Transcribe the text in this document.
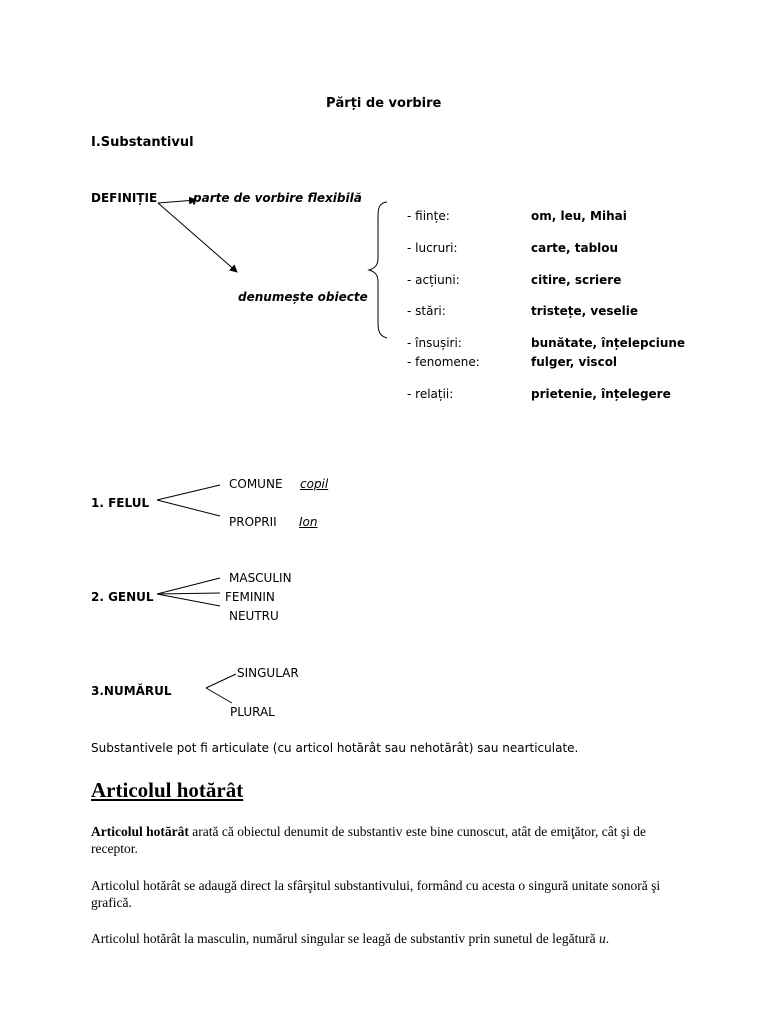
Părți de vorbire
I.Substantivul
DEFINIȚIE	parte de vorbire flexibilă
denumește obiecte
- ființe:	om, leu, Mihai
- lucruri:	carte, tablou
- acțiuni:	citire, scriere
- stări:	tristețe, veselie
- însușiri:	bunătate, înțelepciune
- fenomene:	fulger, viscol
- relații:	prietenie, înțelegere
1. FELUL
COMUNE copil
PROPRII Ion
2. GENUL
MASCULIN
FEMININ
NEUTRU
3.NUMĂRUL
SINGULAR
PLURAL
Substantivele pot fi articulate (cu articol hotărât sau nehotărât) sau nearticulate.
Articolul hotărât
Articolul hotărât arată că obiectul denumit de substantiv este bine cunoscut, atât de emiţător, cât şi de receptor.
Articolul hotărât se adaugă direct la sfârşitul substantivului, formând cu acesta o singură unitate sonoră şi grafică.
Articolul hotărât la masculin, numărul singular se leagă de substantiv prin sunetul de legătură u.
